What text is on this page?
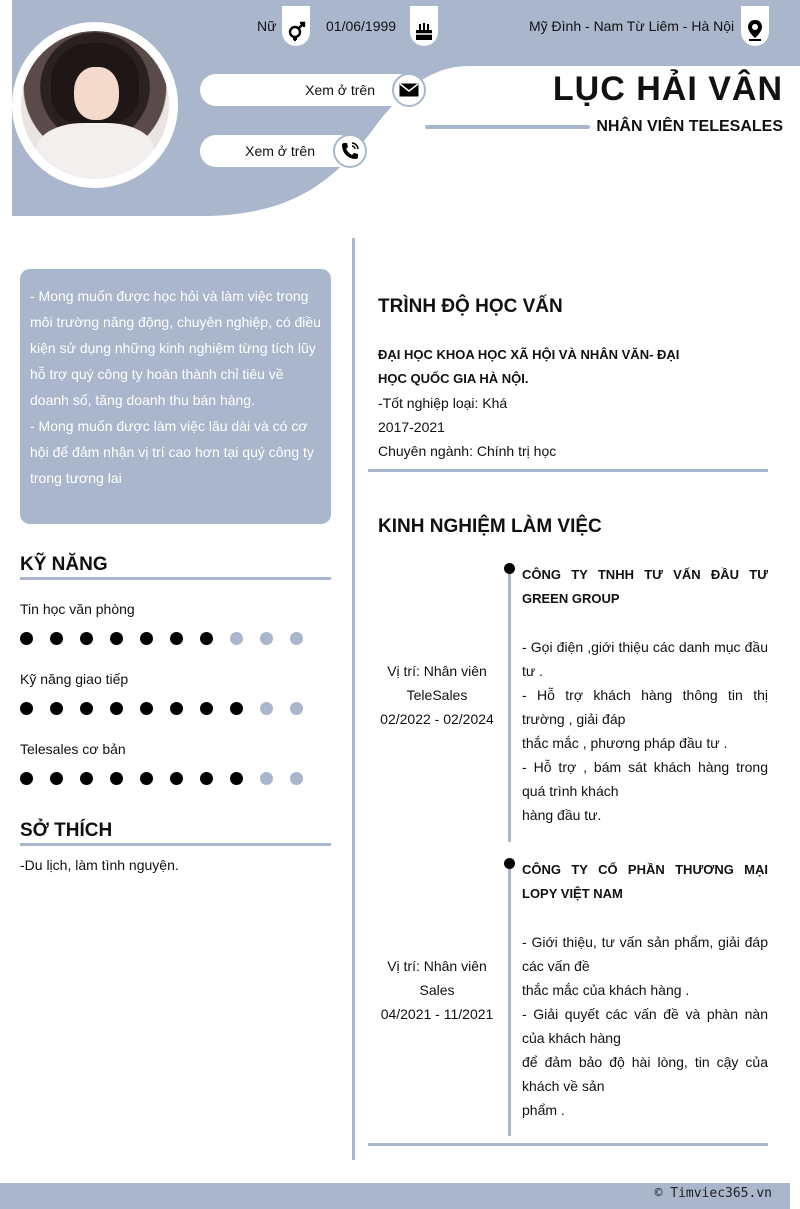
Nữ	01/06/1999	Mỹ Đình - Nam Từ Liêm - Hà Nội
Xem ở trên
Xem ở trên
LỤC HẢI VÂN
NHÂN VIÊN TELESALES

- Mong muốn được học hỏi và làm việc trong môi trường năng động, chuyên nghiệp, có điều kiện sử dụng những kinh nghiệm từng tích lũy hỗ trợ quý công ty hoàn thành chỉ tiêu về doanh số, tăng doanh thu bán hàng.

- Mong muốn được làm việc lâu dài và có cơ hội để đảm nhận vị trí cao hơn tại quý công ty trong tương lai

KỸ NĂNG
Tin học văn phòng
Kỹ năng giao tiếp
Telesales cơ bản
SỞ THÍCH
-Du lịch, làm tình nguyện.
TRÌNH ĐỘ HỌC VẤN
ĐẠI HỌC KHOA HỌC XÃ HỘI VÀ NHÂN VĂN- ĐẠI HỌC QUỐC GIA HÀ NỘI.
-Tốt nghiệp loại: Khá
2017-2021
Chuyên ngành: Chính trị học
KINH NGHIỆM LÀM VIỆC
Vị trí: Nhân viên TeleSales
02/2022 - 02/2024
CÔNG TY TNHH TƯ VẤN ĐẦU TƯ GREEN GROUP
- Gọi điện ,giới thiệu các danh mục đầu tư .
- Hỗ trợ khách hàng thông tin thị trường , giải đáp
thắc mắc , phương pháp đầu tư .
- Hỗ trợ , bám sát khách hàng trong quá trình khách
hàng đầu tư.
Vị trí: Nhân viên Sales
04/2021 - 11/2021
CÔNG TY CỔ PHẦN THƯƠNG MẠI LOPY VIỆT NAM
- Giới thiệu, tư vấn sản phẩm, giải đáp các vấn đề
thắc mắc của khách hàng .
- Giải quyết các vấn đề và phàn nàn của khách hàng
để đảm bảo độ hài lòng, tin cậy của khách về sản
phẩm .
© Timviec365.vn
